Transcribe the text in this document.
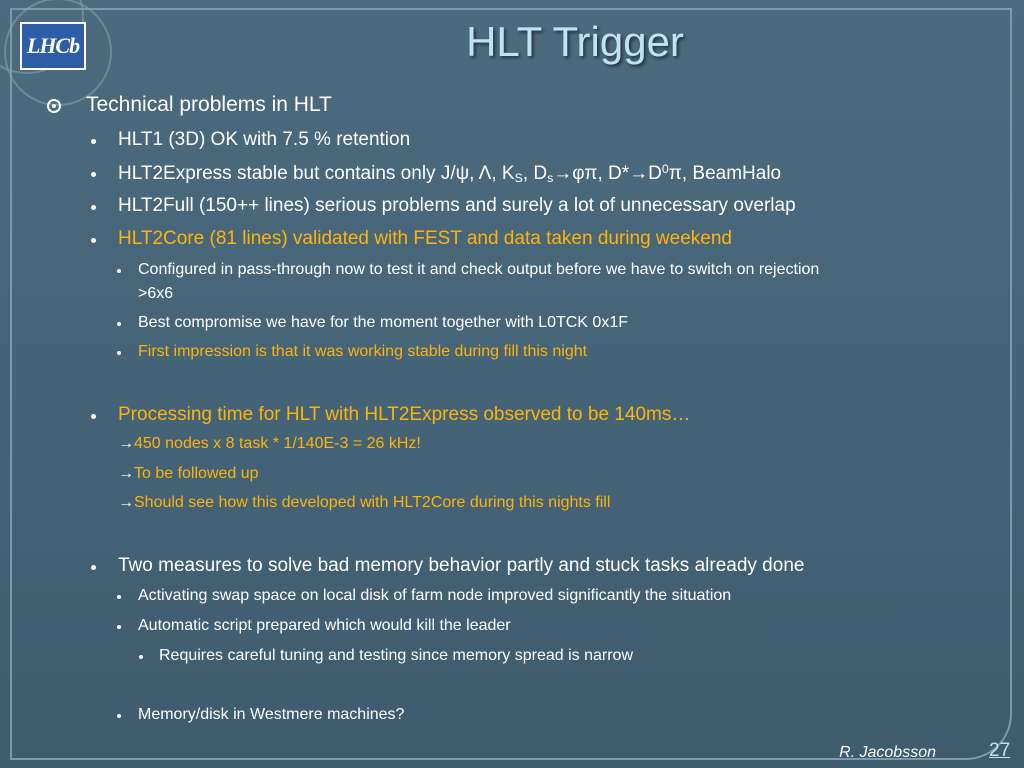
LHCb	HLT Trigger
Technical problems in HLT
HLT1 (3D) OK with 7.5 % retention
HLT2Express stable but contains only J/ψ, Λ, $K_S$, $D_s\to\varphi\pi$, $D*\to D^0\pi$, BeamHalo
HLT2Full (150++ lines) serious problems and surely a lot of unnecessary overlap
HLT2Core (81 lines) validated with FEST and data taken during weekend
Configured in pass-through now to test it and check output before we have to switch on rejection
>6x6
Best compromise we have for the moment together with L0TCK 0x1F
First impression is that it was working stable during fill this night
Processing time for HLT with HLT2Express observed to be 140ms…
→450 nodes x 8 task * 1/140E-3 = 26 kHz!
→To be followed up
→Should see how this developed with HLT2Core during this nights fill
Two measures to solve bad memory behavior partly and stuck tasks already done
Activating swap space on local disk of farm node improved significantly the situation
Automatic script prepared which would kill the leader
Requires careful tuning and testing since memory spread is narrow
Memory/disk in Westmere machines?
R. Jacobsson	27
